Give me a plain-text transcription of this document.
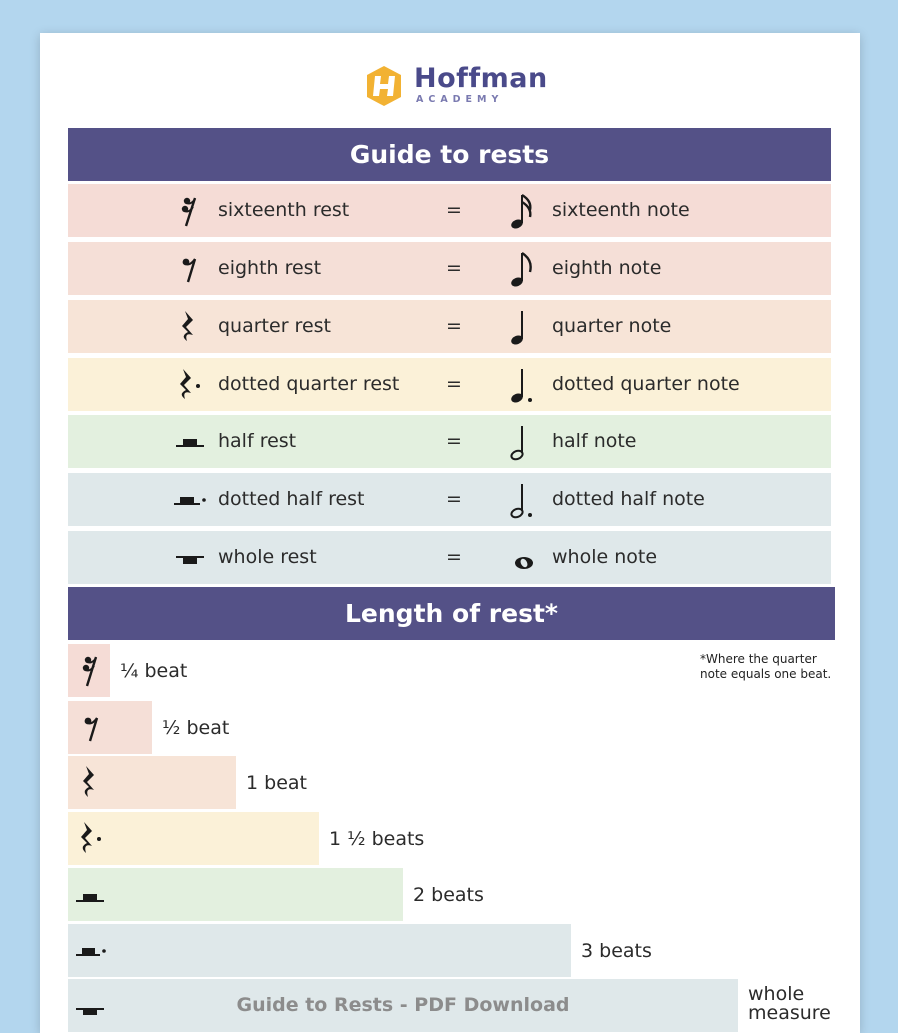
Hoffman
ACADEMY
Guide to rests
sixteenth rest	=	sixteenth note
eighth rest	=	eighth note
quarter rest	=	quarter note
dotted quarter rest =	dotted quarter note
half rest	=	half note
dotted half rest	=	dotted half note
whole rest	=	whole note
Length of rest*
*Where the quarter note equals one beat.
¼ beat
½ beat
1 beat
1 ½ beats
2 beats
3 beats
whole measure
Guide to Rests - PDF Download
